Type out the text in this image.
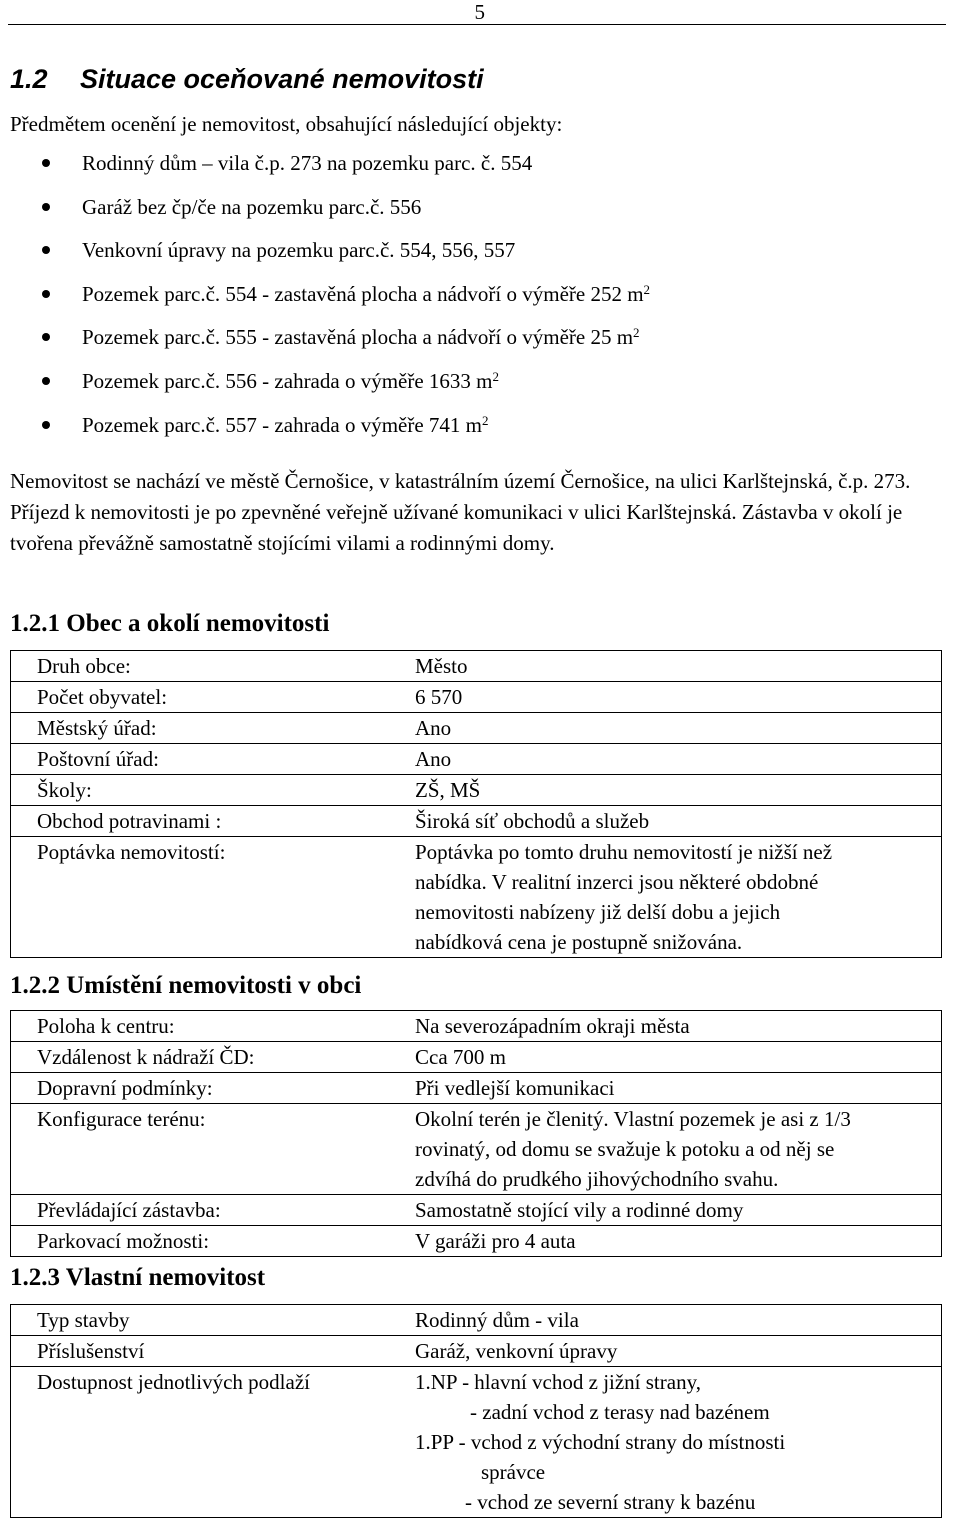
5
1.2 Situace oceňované nemovitosti
Předmětem ocenění je nemovitost, obsahující následující objekty:
Rodinný dům – vila č.p. 273 na pozemku parc. č. 554
Garáž bez čp/če na pozemku parc.č. 556
Venkovní úpravy na pozemku parc.č. 554, 556, 557
Pozemek parc.č. 554 - zastavěná plocha a nádvoří o výměře 252 $m^2$
Pozemek parc.č. 555 - zastavěná plocha a nádvoří o výměře 25 $m^2$
Pozemek parc.č. 556 - zahrada o výměře 1633 $m^2$
Pozemek parc.č. 557 - zahrada o výměře 741 $m^2$
Nemovitost se nachází ve městě Černošice, v katastrálním území Černošice, na ulici Karlštejnská, č.p. 273. Příjezd k nemovitosti je po zpevněné veřejně užívané komunikaci v ulici Karlštejnská. Zástavba v okolí je tvořena převážně samostatně stojícími vilami a rodinnými domy.
1.2.1 Obec a okolí nemovitosti
Druh obce:	Město
Počet obyvatel:	6 570
Městský úřad:	Ano
Poštovní úřad:	Ano
Školy:	ZŠ, MŠ
Obchod potravinami :	Široká síť obchodů a služeb
Poptávka nemovitostí:	Poptávka po tomto druhu nemovitostí je nižší než
nabídka. V realitní inzerci jsou některé obdobné
nemovitosti nabízeny již delší dobu a jejich
nabídková cena je postupně snižována.
1.2.2 Umístění nemovitosti v obci
Poloha k centru:	Na severozápadním okraji města
Vzdálenost k nádraží ČD:	Cca 700 m
Dopravní podmínky:	Při vedlejší komunikaci
Konfigurace terénu:	Okolní terén je členitý. Vlastní pozemek je asi z 1/3
rovinatý, od domu se svažuje k potoku a od něj se
zdvíhá do prudkého jihovýchodního svahu.

Převládající zástavba:	Samostatně stojící vily a rodinné domy
Parkovací možnosti:	V garáži pro 4 auta
1.2.3 Vlastní nemovitost
Typ stavby	Rodinný dům - vila
Příslušenství	Garáž, venkovní úpravy
Dostupnost jednotlivých podlaží	1.NP - hlavní vchod z jižní strany,
- zadní vchod z terasy nad bazénem
1.PP - vchod z východní strany do místnosti
správce
- vchod ze severní strany k bazénu
